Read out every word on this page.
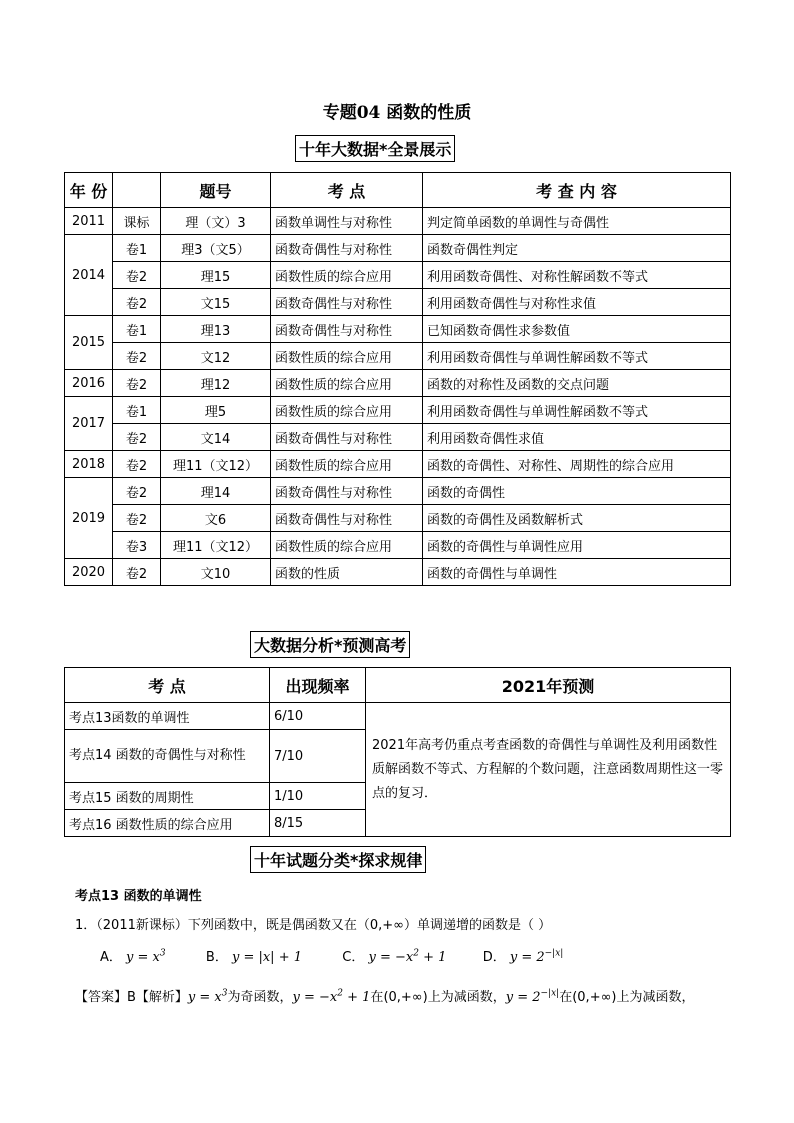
专题04 函数的性质
十年大数据*全景展示
年 份		题号	考 点	考 查 内 容
2011	课标	理（文）3	函数单调性与对称性	判定简单函数的单调性与奇偶性
2014	卷1	理3（文5）	函数奇偶性与对称性	函数奇偶性判定
	卷2	理15	函数性质的综合应用	利用函数奇偶性、对称性解函数不等式
	卷2	文15	函数奇偶性与对称性	利用函数奇偶性与对称性求值
2015	卷1	理13	函数奇偶性与对称性	已知函数奇偶性求参数值
	卷2	文12	函数性质的综合应用	利用函数奇偶性与单调性解函数不等式
2016	卷2	理12	函数性质的综合应用	函数的对称性及函数的交点问题
2017	卷1	理5	函数性质的综合应用	利用函数奇偶性与单调性解函数不等式
	卷2	文14	函数奇偶性与对称性	利用函数奇偶性求值
2018	卷2	理11（文12）	函数性质的综合应用	函数的奇偶性、对称性、周期性的综合应用
2019	卷2	理14	函数奇偶性与对称性	函数的奇偶性
	卷2	文6	函数奇偶性与对称性	函数的奇偶性及函数解析式
	卷3	理11（文12）	函数性质的综合应用	函数的奇偶性与单调性应用
2020	卷2	文10	函数的性质	函数的奇偶性与单调性
大数据分析*预测高考
考 点	出现频率	2021年预测
考点13函数的单调性	6/10	2021年高考仍重点考查函数的奇偶性与单调性及利用函数性质解函数不等式、方程解的个数问题，注意函数周期性这一零点的复习．
考点14 函数的奇偶性与对称性	7/10	
考点15 函数的周期性	1/10	
考点16 函数性质的综合应用	8/15	
十年试题分类*探求规律
考点13 函数的单调性
1．（2011新课标）下列函数中，既是偶函数又在（0,+∞）单调递增的函数是（ ）
A． $y = x^3$	B． y = |x| + 1	C． $y = -x^2 + 1$	D． $y = 2^{-|x|}$
【答案】B【解析】$y = x^3$为奇函数，$y = -x^2 + 1$在(0,+∞)上为减函数，$y = 2^{-|x|}$在(0,+∞)上为减函数，
